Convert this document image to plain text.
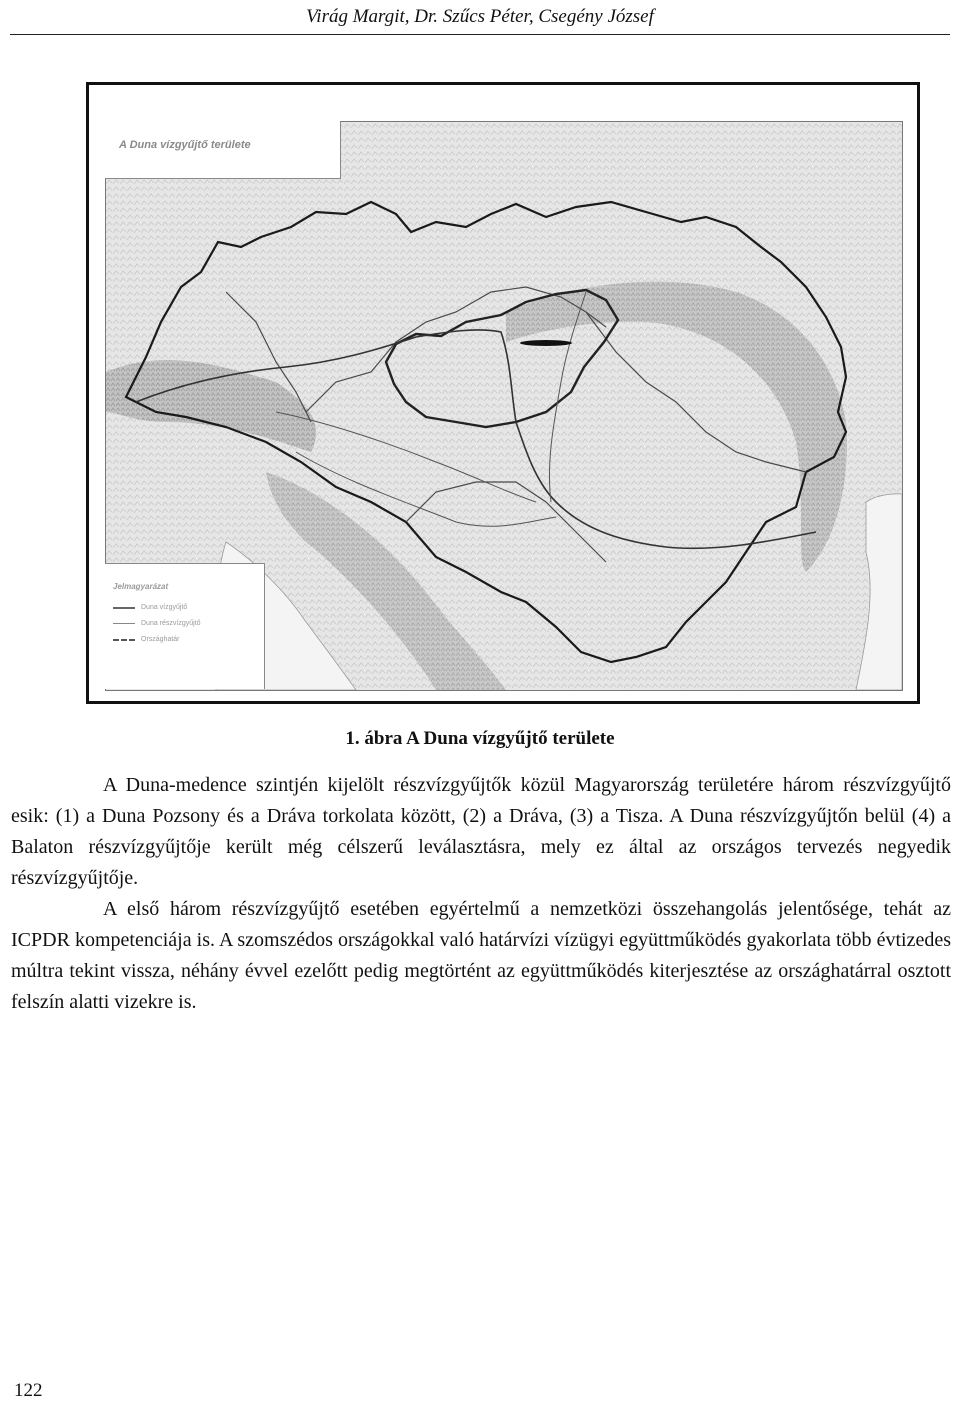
Virág Margit, Dr. Szűcs Péter, Csegény József
A Duna vízgyűjtő területe
Jelmagyarázat
Duna vízgyűjtő
Duna részvízgyűjtő
Országhatár
1. ábra A Duna vízgyűjtő területe

A Duna-medence szintjén kijelölt részvízgyűjtők közül Magyarország területére három részvízgyűjtő esik: (1) a Duna Pozsony és a Dráva torkolata között, (2) a Dráva, (3) a Tisza. A Duna részvízgyűjtőn belül (4) a Balaton részvízgyűjtője került még célszerű leválasztásra, mely ez által az országos tervezés negyedik részvízgyűjtője.

A első három részvízgyűjtő esetében egyértelmű a nemzetközi összehangolás jelentősége, tehát az ICPDR kompetenciája is. A szomszédos országokkal való határvízi vízügyi együttműködés gyakorlata több évtizedes múltra tekint vissza, néhány évvel ezelőtt pedig megtörtént az együttműködés kiterjesztése az országhatárral osztott felszín alatti vizekre is.

122
